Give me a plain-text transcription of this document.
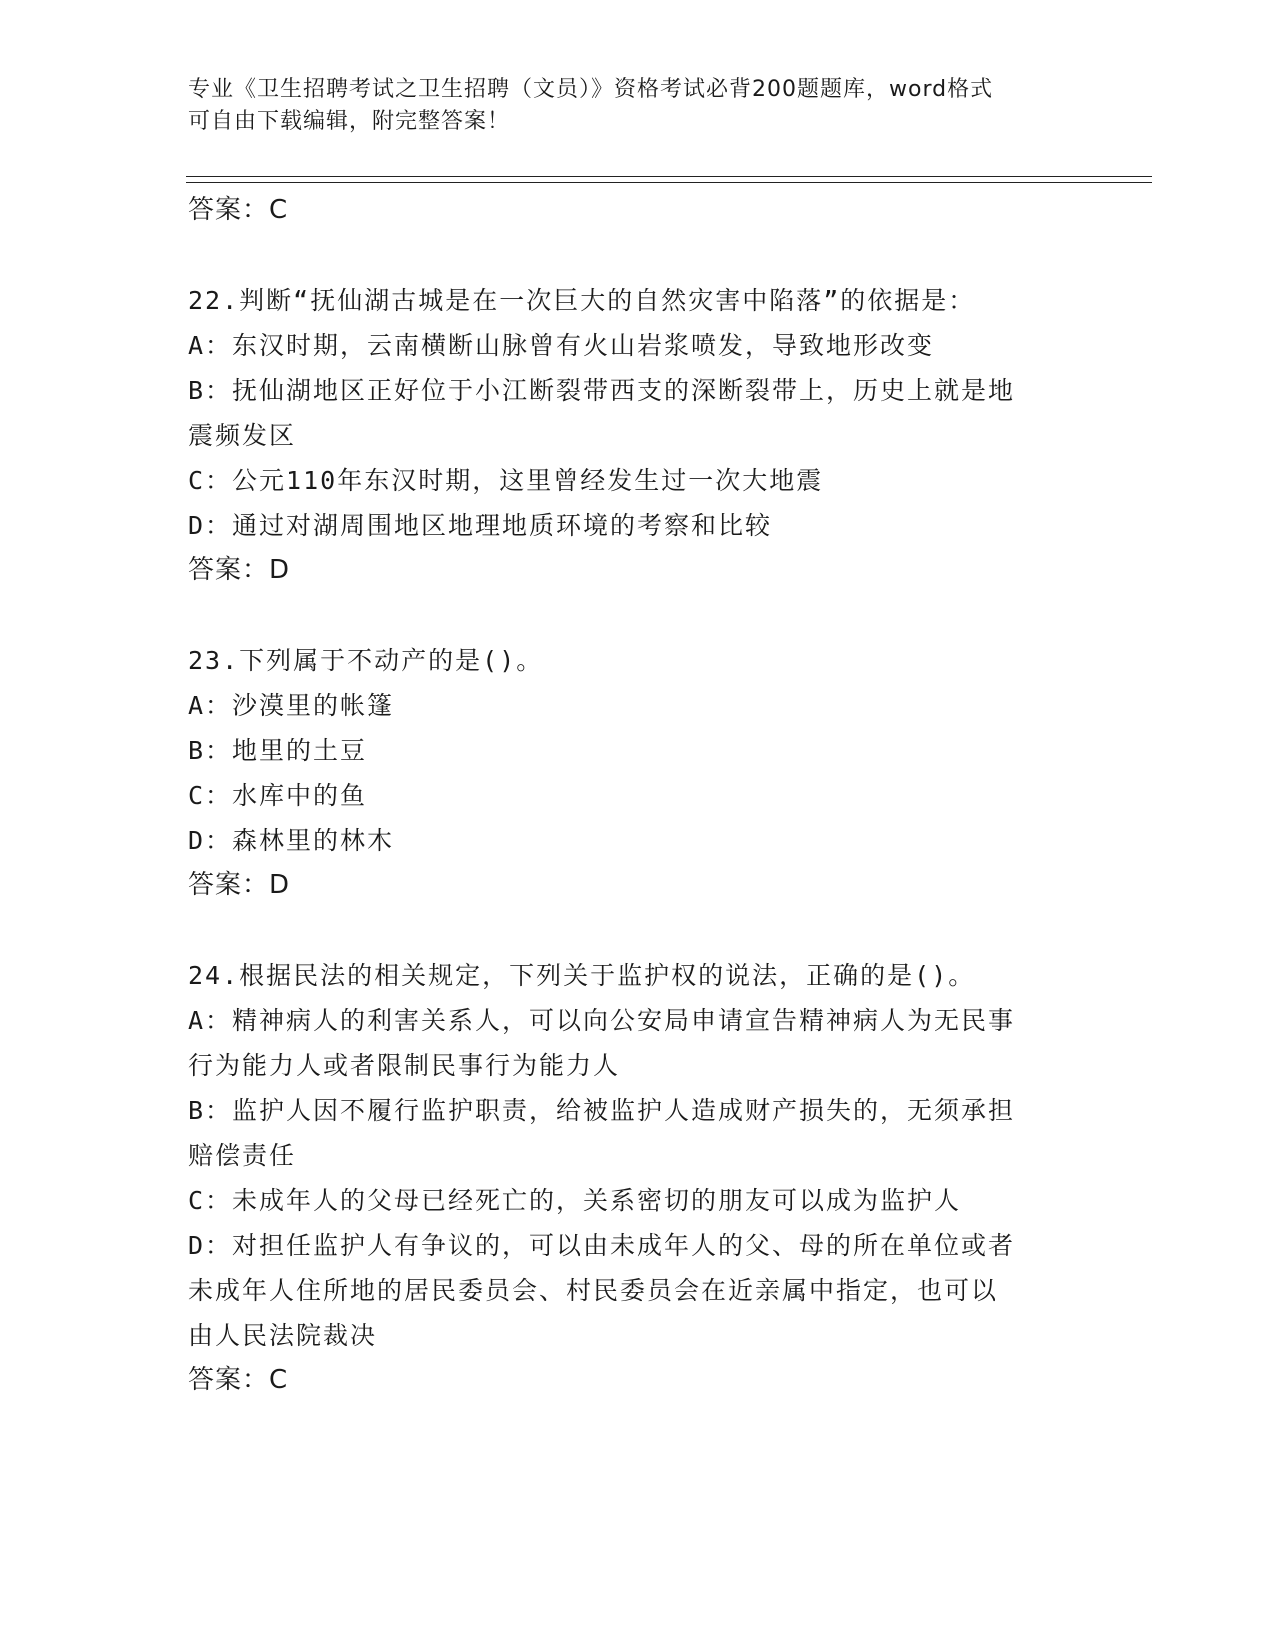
专业《卫生招聘考试之卫生招聘（文员）》资格考试必背200题题库，word格式
可自由下载编辑，附完整答案！
答案：C
22.判断“抚仙湖古城是在一次巨大的自然灾害中陷落”的依据是：
A：东汉时期，云南横断山脉曾有火山岩浆喷发，导致地形改变
B：抚仙湖地区正好位于小江断裂带西支的深断裂带上，历史上就是地
震频发区
C：公元110年东汉时期，这里曾经发生过一次大地震
D：通过对湖周围地区地理地质环境的考察和比较
答案：D
23.下列属于不动产的是()。
A：沙漠里的帐篷
B：地里的土豆
C：水库中的鱼
D：森林里的林木
答案：D
24.根据民法的相关规定，下列关于监护权的说法，正确的是()。
A：精神病人的利害关系人，可以向公安局申请宣告精神病人为无民事
行为能力人或者限制民事行为能力人
B：监护人因不履行监护职责，给被监护人造成财产损失的，无须承担
赔偿责任
C：未成年人的父母已经死亡的，关系密切的朋友可以成为监护人
D：对担任监护人有争议的，可以由未成年人的父、母的所在单位或者
未成年人住所地的居民委员会、村民委员会在近亲属中指定，也可以
由人民法院裁决
答案：C
